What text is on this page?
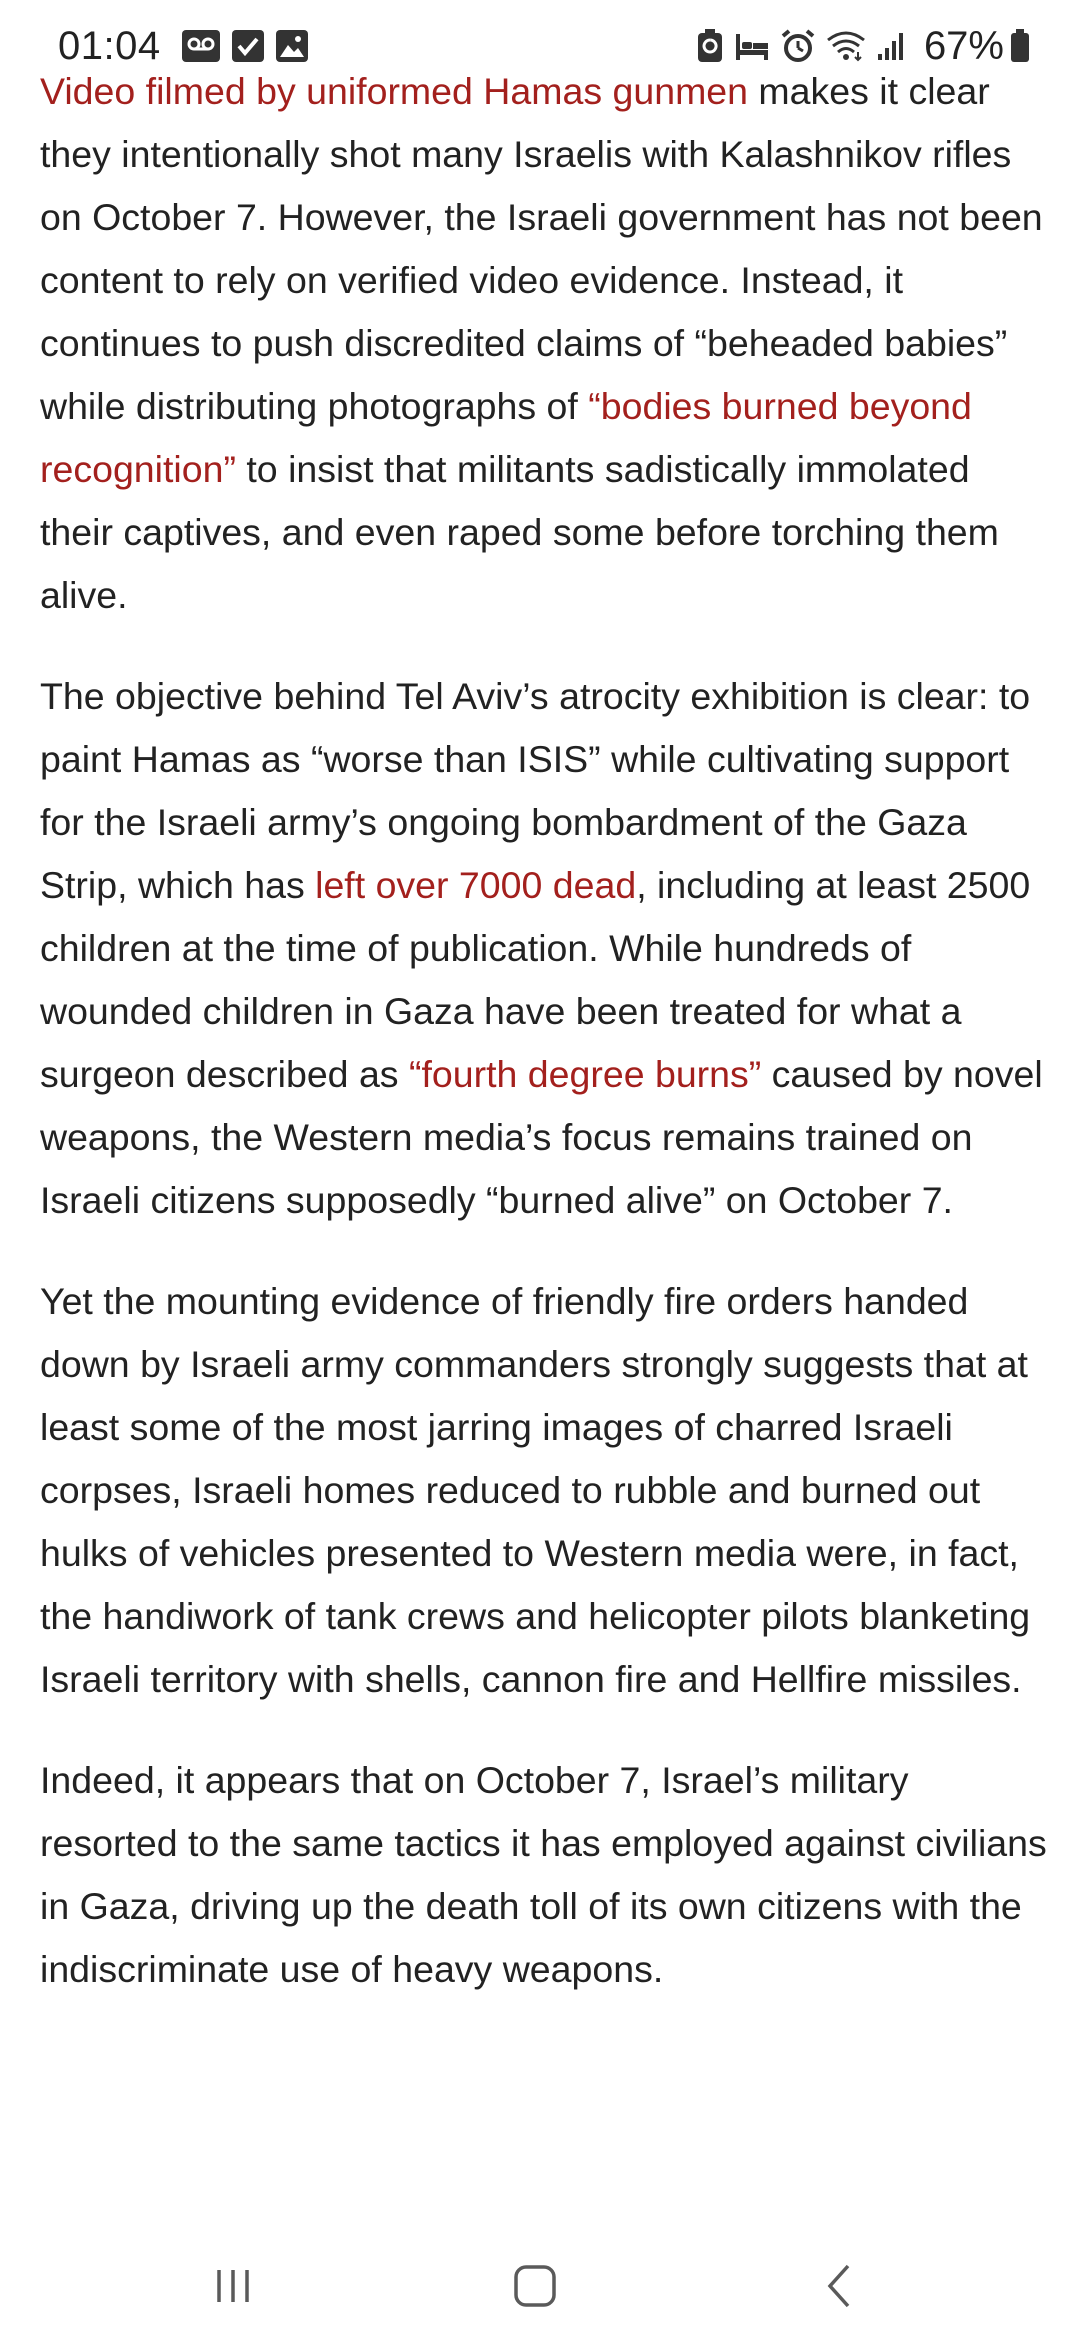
01:04	67%

Video filmed by uniformed Hamas gunmen makes it clear they intentionally shot many Israelis with Kalashnikov rifles on October 7. However, the Israeli government has not been content to rely on verified video evidence. Instead, it continues to push discredited claims of “beheaded babies” while distributing photographs of “bodies burned beyond recognition” to insist that militants sadistically immolated their captives, and even raped some before torching them alive.

The objective behind Tel Aviv’s atrocity exhibition is clear: to paint Hamas as “worse than ISIS” while cultivating support for the Israeli army’s ongoing bombardment of the Gaza Strip, which has left over 7000 dead, including at least 2500 children at the time of publication. While hundreds of wounded children in Gaza have been treated for what a surgeon described as “fourth degree burns” caused by novel weapons, the Western media’s focus remains trained on Israeli citizens supposedly “burned alive” on October 7.

Yet the mounting evidence of friendly fire orders handed down by Israeli army commanders strongly suggests that at least some of the most jarring images of charred Israeli corpses, Israeli homes reduced to rubble and burned out hulks of vehicles presented to Western media were, in fact, the handiwork of tank crews and helicopter pilots blanketing Israeli territory with shells, cannon fire and Hellfire missiles.

Indeed, it appears that on October 7, Israel’s military resorted to the same tactics it has employed against civilians in Gaza, driving up the death toll of its own citizens with the indiscriminate use of heavy weapons.
